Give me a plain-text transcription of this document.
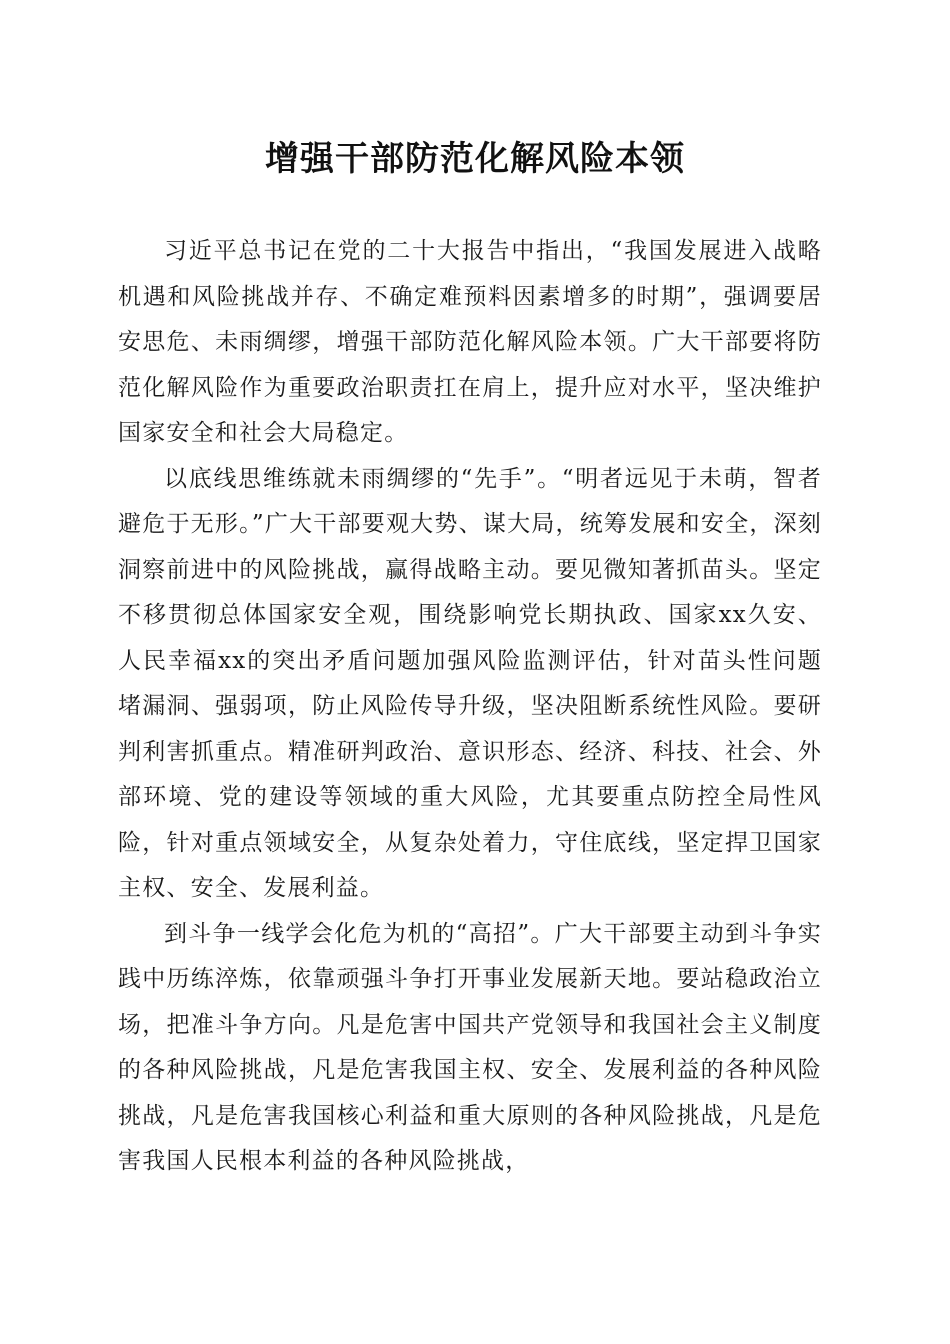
增强干部防范化解风险本领

习近平总书记在党的二十大报告中指出，“我国发展进入战略机遇和风险挑战并存、不确定难预料因素增多的时期”，强调要居安思危、未雨绸缪，增强干部防范化解风险本领。广大干部要将防范化解风险作为重要政治职责扛在肩上，提升应对水平，坚决维护国家安全和社会大局稳定。

以底线思维练就未雨绸缪的“先手”。“明者远见于未萌，智者避危于无形。”广大干部要观大势、谋大局，统筹发展和安全，深刻洞察前进中的风险挑战，赢得战略主动。要见微知著抓苗头。坚定不移贯彻总体国家安全观，围绕影响党长期执政、国家xx久安、人民幸福xx的突出矛盾问题加强风险监测评估，针对苗头性问题堵漏洞、强弱项，防止风险传导升级，坚决阻断系统性风险。要研判利害抓重点。精准研判政治、意识形态、经济、科技、社会、外部环境、党的建设等领域的重大风险，尤其要重点防控全局性风险，针对重点领域安全，从复杂处着力，守住底线，坚定捍卫国家主权、安全、发展利益。

到斗争一线学会化危为机的“高招”。广大干部要主动到斗争实践中历练淬炼，依靠顽强斗争打开事业发展新天地。要站稳政治立场，把准斗争方向。凡是危害中国共产党领导和我国社会主义制度的各种风险挑战，凡是危害我国主权、安全、发展利益的各种风险挑战，凡是危害我国核心利益和重大原则的各种风险挑战，凡是危害我国人民根本利益的各种风险挑战，
